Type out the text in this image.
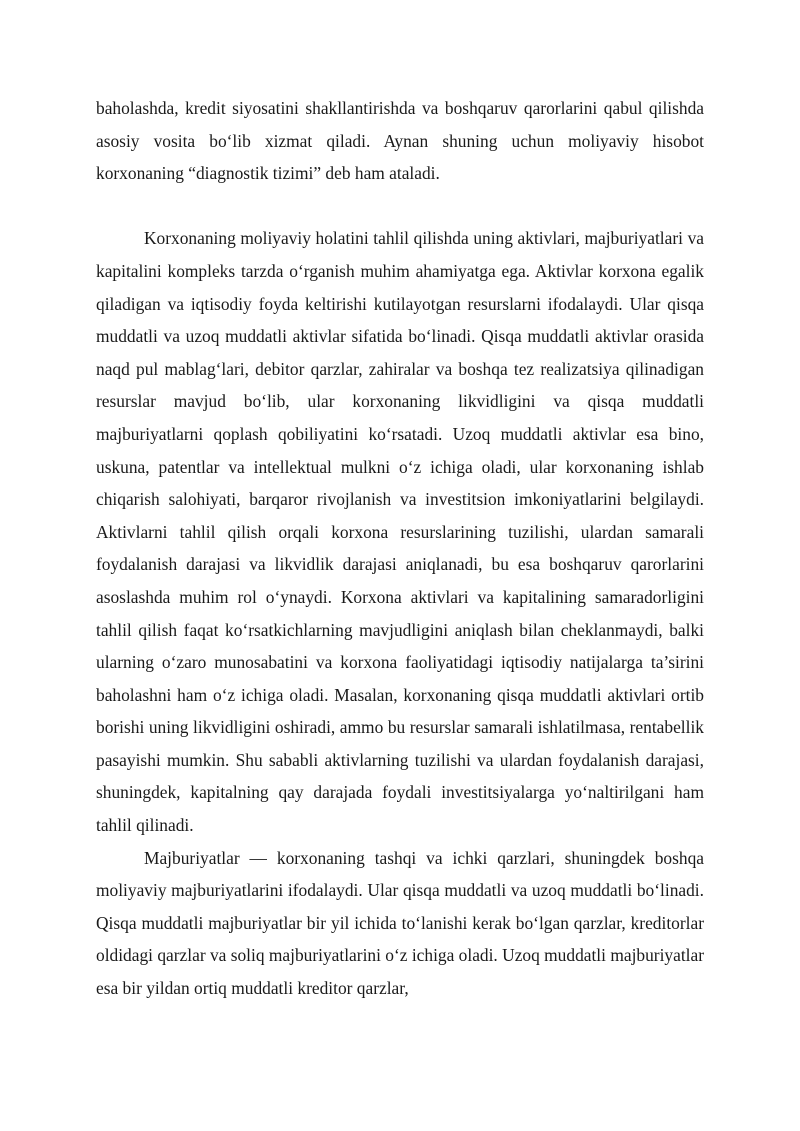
baholashda, kredit siyosatini shakllantirishda va boshqaruv qarorlarini qabul qilishda asosiy vosita bo‘lib xizmat qiladi. Aynan shuning uchun moliyaviy hisobot korxonaning “diagnostik tizimi” deb ham ataladi.

Korxonaning moliyaviy holatini tahlil qilishda uning aktivlari, majburiyatlari va kapitalini kompleks tarzda o‘rganish muhim ahamiyatga ega. Aktivlar korxona egalik qiladigan va iqtisodiy foyda keltirishi kutilayotgan resurslarni ifodalaydi. Ular qisqa muddatli va uzoq muddatli aktivlar sifatida bo‘linadi. Qisqa muddatli aktivlar orasida naqd pul mablag‘lari, debitor qarzlar, zahiralar va boshqa tez realizatsiya qilinadigan resurslar mavjud bo‘lib, ular korxonaning likvidligini va qisqa muddatli majburiyatlarni qoplash qobiliyatini ko‘rsatadi. Uzoq muddatli aktivlar esa bino, uskuna, patentlar va intellektual mulkni o‘z ichiga oladi, ular korxonaning ishlab chiqarish salohiyati, barqaror rivojlanish va investitsion imkoniyatlarini belgilaydi. Aktivlarni tahlil qilish orqali korxona resurslarining tuzilishi, ulardan samarali foydalanish darajasi va likvidlik darajasi aniqlanadi, bu esa boshqaruv qarorlarini asoslashda muhim rol o‘ynaydi. Korxona aktivlari va kapitalining samaradorligini tahlil qilish faqat ko‘rsatkichlarning mavjudligini aniqlash bilan cheklanmaydi, balki ularning o‘zaro munosabatini va korxona faoliyatidagi iqtisodiy natijalarga ta’sirini baholashni ham o‘z ichiga oladi. Masalan, korxonaning qisqa muddatli aktivlari ortib borishi uning likvidligini oshiradi, ammo bu resurslar samarali ishlatilmasa, rentabellik pasayishi mumkin. Shu sababli aktivlarning tuzilishi va ulardan foydalanish darajasi, shuningdek, kapitalning qay darajada foydali investitsiyalarga yo‘naltirilgani ham tahlil qilinadi.

Majburiyatlar — korxonaning tashqi va ichki qarzlari, shuningdek boshqa moliyaviy majburiyatlarini ifodalaydi. Ular qisqa muddatli va uzoq muddatli bo‘linadi. Qisqa muddatli majburiyatlar bir yil ichida to‘lanishi kerak bo‘lgan qarzlar, kreditorlar oldidagi qarzlar va soliq majburiyatlarini o‘z ichiga oladi. Uzoq muddatli majburiyatlar esa bir yildan ortiq muddatli kreditor qarzlar,
